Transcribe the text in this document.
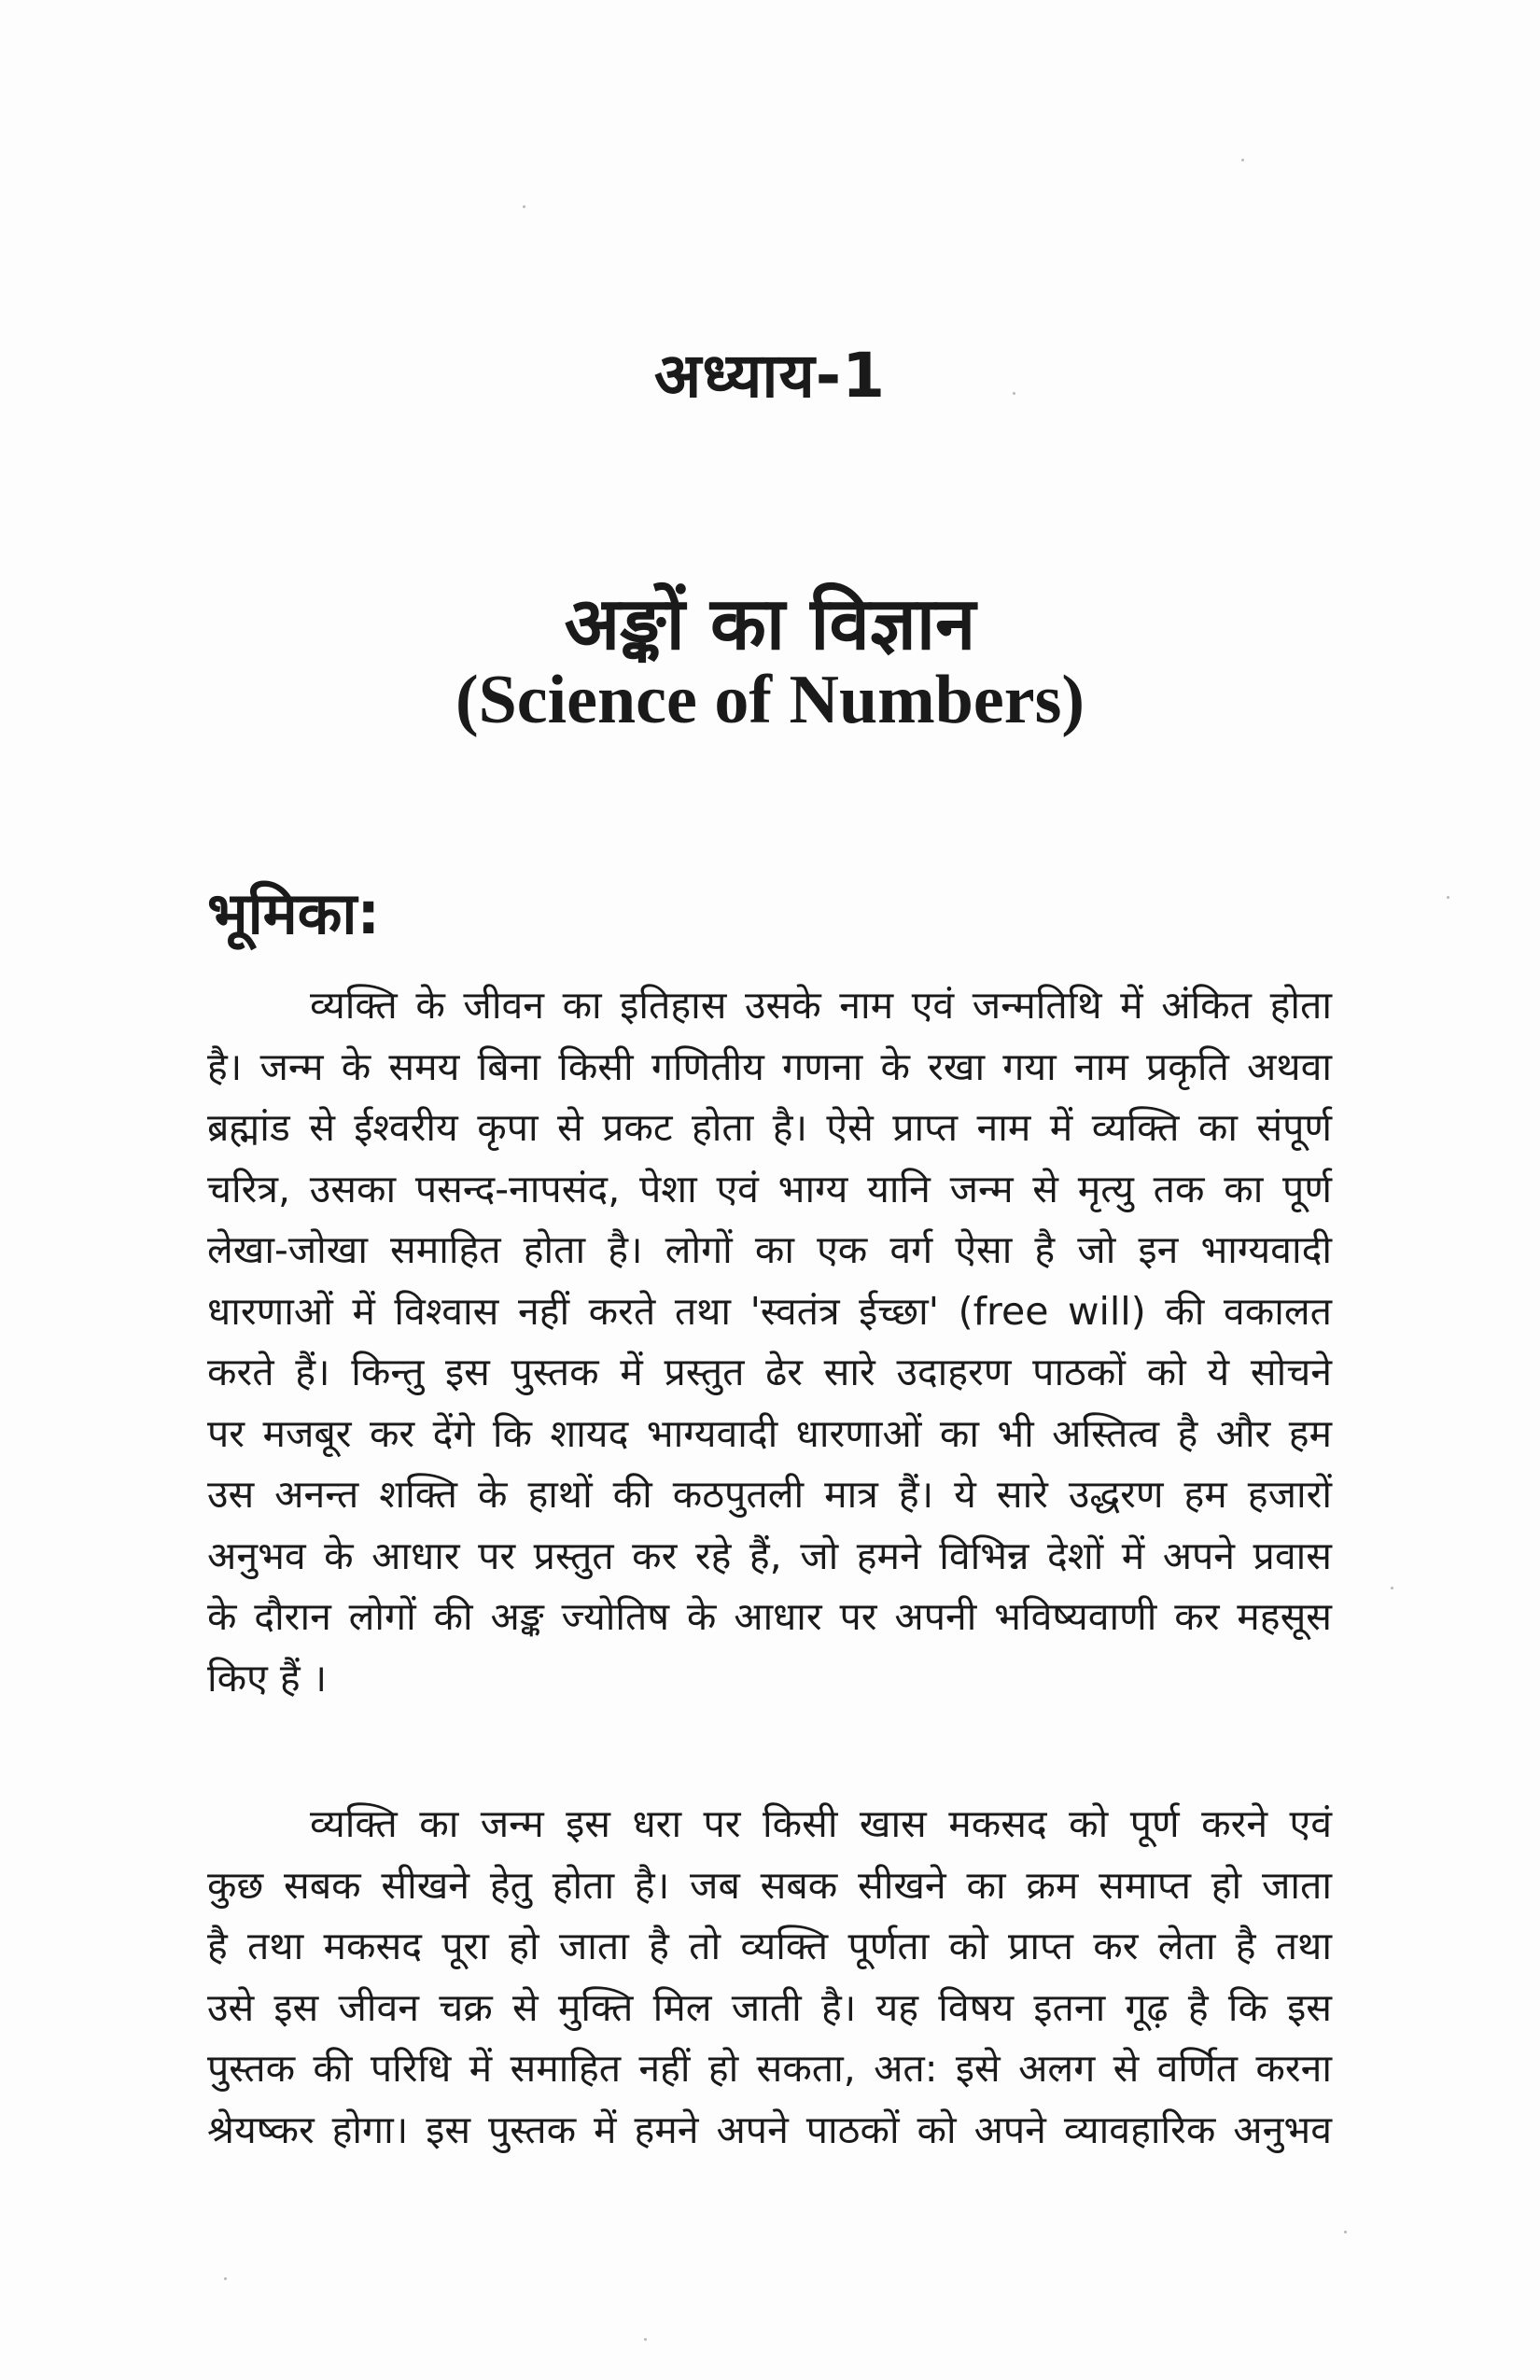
अध्याय-1
अङ्कों का विज्ञान
(Science of Numbers)
भूमिका:
व्यक्ति के जीवन का इतिहास उसके नाम एवं जन्मतिथि में अंकित होता
है। जन्म के समय बिना किसी गणितीय गणना के रखा गया नाम प्रकृति अथवा
ब्रह्मांड से ईश्वरीय कृपा से प्रकट होता है। ऐसे प्राप्त नाम में व्यक्ति का संपूर्ण
चरित्र, उसका पसन्द-नापसंद, पेशा एवं भाग्य यानि जन्म से मृत्यु तक का पूर्ण
लेखा-जोखा समाहित होता है। लोगों का एक वर्ग ऐसा है जो इन भाग्यवादी
धारणाओं में विश्वास नहीं करते तथा 'स्वतंत्र ईच्छा' (free will) की वकालत
करते हैं। किन्तु इस पुस्तक में प्रस्तुत ढेर सारे उदाहरण पाठकों को ये सोचने
पर मजबूर कर देंगे कि शायद भाग्यवादी धारणाओं का भी अस्तित्व है और हम
उस अनन्त शक्ति के हाथों की कठपुतली मात्र हैं। ये सारे उद्धरण हम हजारों
अनुभव के आधार पर प्रस्तुत कर रहे हैं, जो हमने विभिन्न देशों में अपने प्रवास
के दौरान लोगों की अङ्क ज्योतिष के आधार पर अपनी भविष्यवाणी कर महसूस
किए हैं ।
व्यक्ति का जन्म इस धरा पर किसी खास मकसद को पूर्ण करने एवं
कुछ सबक सीखने हेतु होता है। जब सबक सीखने का क्रम समाप्त हो जाता
है तथा मकसद पूरा हो जाता है तो व्यक्ति पूर्णता को प्राप्त कर लेता है तथा
उसे इस जीवन चक्र से मुक्ति मिल जाती है। यह विषय इतना गूढ़ है कि इस
पुस्तक की परिधि में समाहित नहीं हो सकता, अत: इसे अलग से वर्णित करना
श्रेयष्कर होगा। इस पुस्तक में हमने अपने पाठकों को अपने व्यावहारिक अनुभव
